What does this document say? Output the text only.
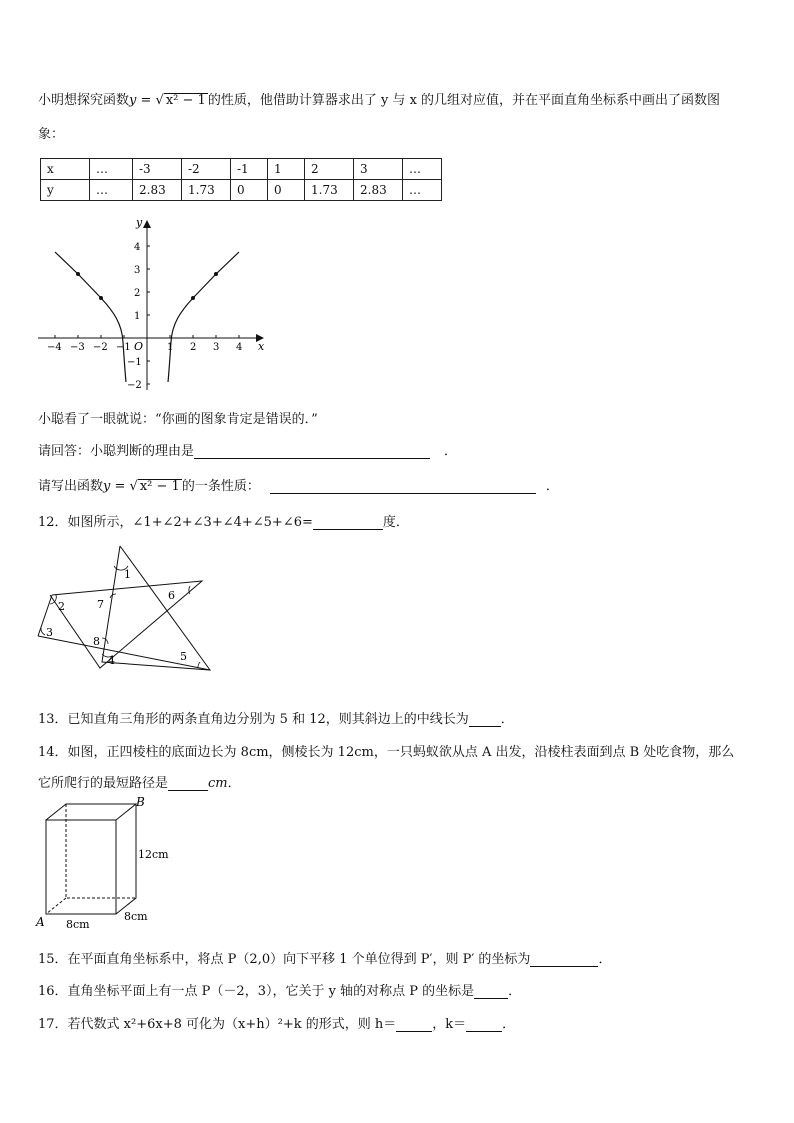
小明想探究函数y = √ x² − 1 的性质，他借助计算器求出了 y 与 x 的几组对应值，并在平面直角坐标系中画出了函数图
象：
x	…	-3	-2	-1	1	2	3	…
y	…	2.83	1.73	0	0	1.73	2.83	…
x
y
O
−4 −3 −2 −1	1 2 3 4
4
3
2
1
−1
−2
小聪看了一眼就说：“你画的图象肯定是错误的．”
请回答：小聪判断的理由是	．
请写出函数y = √ x² − 1 的一条性质：	．
12．如图所示，∠1+∠2+∠3+∠4+∠5+∠6=	度．
1
2
3
4	5
6
7
8
13．已知直角三角形的两条直角边分别为 5 和 12，则其斜边上的中线长为 ．
14．如图，正四棱柱的底面边长为 8cm，侧棱长为 12cm，一只蚂蚁欲从点 A 出发，沿棱柱表面到点 B 处吃食物，那么
它所爬行的最短路径是	cm．
A
B
12cm
8cm
8cm
15．在平面直角坐标系中，将点 P（2,0）向下平移 1 个单位得到 P′，则 P′ 的坐标为	．
16．直角坐标平面上有一点 P（－2，3），它关于 y 轴的对称点 P 的坐标是	．
17．若代数式 x²+6x+8 可化为（x+h）²+k 的形式，则 h＝	，k＝	．
